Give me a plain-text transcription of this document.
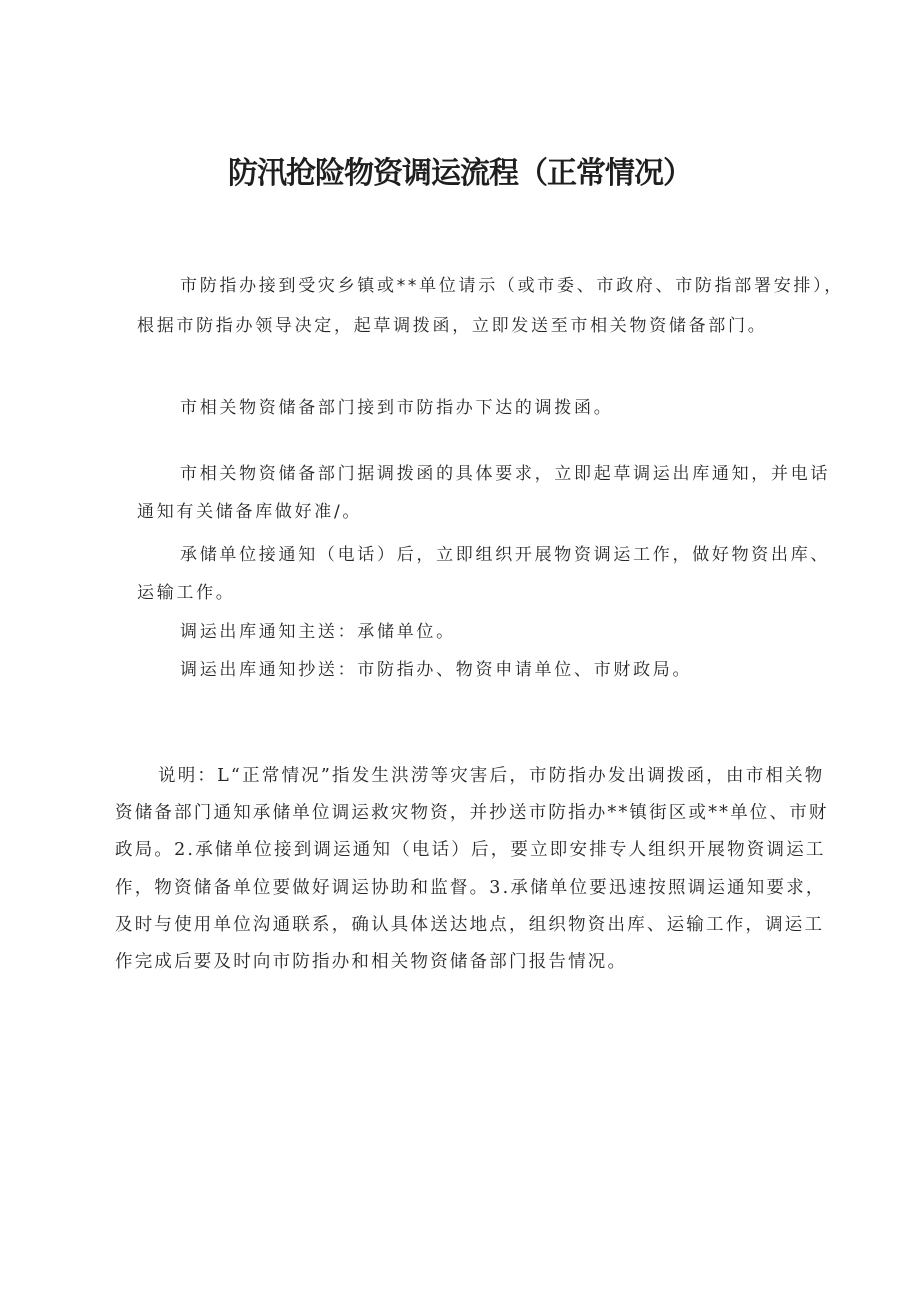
防汛抢险物资调运流程（正常情况）
市防指办接到受灾乡镇或**单位请示（或市委、市政府、市防指部署安排），
根据市防指办领导决定，起草调拨函，立即发送至市相关物资储备部门。
市相关物资储备部门接到市防指办下达的调拨函。
市相关物资储备部门据调拨函的具体要求，立即起草调运出库通知，并电话
通知有关储备库做好准/。
承储单位接通知（电话）后，立即组织开展物资调运工作，做好物资出库、
运输工作。
调运出库通知主送：承储单位。
调运出库通知抄送：市防指办、物资申请单位、市财政局。
说明：L“正常情况”指发生洪涝等灾害后，市防指办发出调拨函，由市相关物
资储备部门通知承储单位调运救灾物资，并抄送市防指办**镇街区或**单位、市财
政局。2.承储单位接到调运通知（电话）后，要立即安排专人组织开展物资调运工
作，物资储备单位要做好调运协助和监督。3.承储单位要迅速按照调运通知要求，
及时与使用单位沟通联系，确认具体送达地点，组织物资出库、运输工作，调运工
作完成后要及时向市防指办和相关物资储备部门报告情况。
